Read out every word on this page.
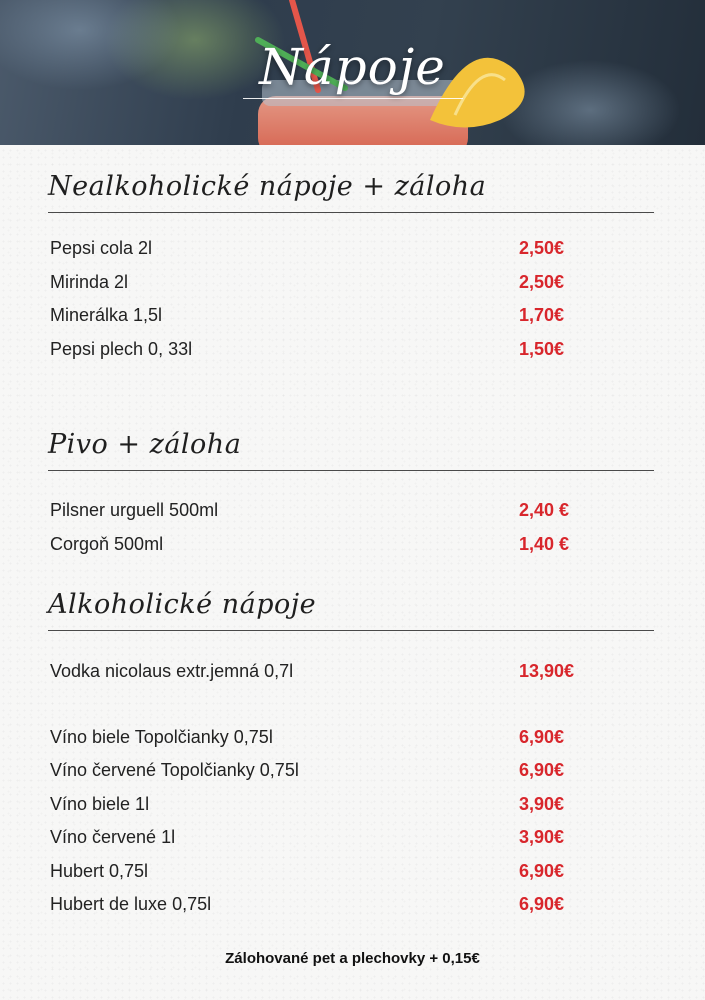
Nápoje
Nealkoholické nápoje + záloha
Pepsi cola 2l	2,50€
Mirinda 2l	2,50€
Minerálka 1,5l	1,70€
Pepsi plech 0, 33l	1,50€
Pivo + záloha
Pilsner urguell 500ml	2,40 €
Corgoň 500ml	1,40 €
Alkoholické nápoje
Vodka nicolaus extr.jemná 0,7l	13,90€
Víno biele Topolčianky 0,75l	6,90€
Víno červené Topolčianky 0,75l	6,90€
Víno biele 1l	3,90€
Víno červené 1l	3,90€
Hubert 0,75l	6,90€
Hubert de luxe 0,75l	6,90€
Zálohované pet a plechovky + 0,15€
